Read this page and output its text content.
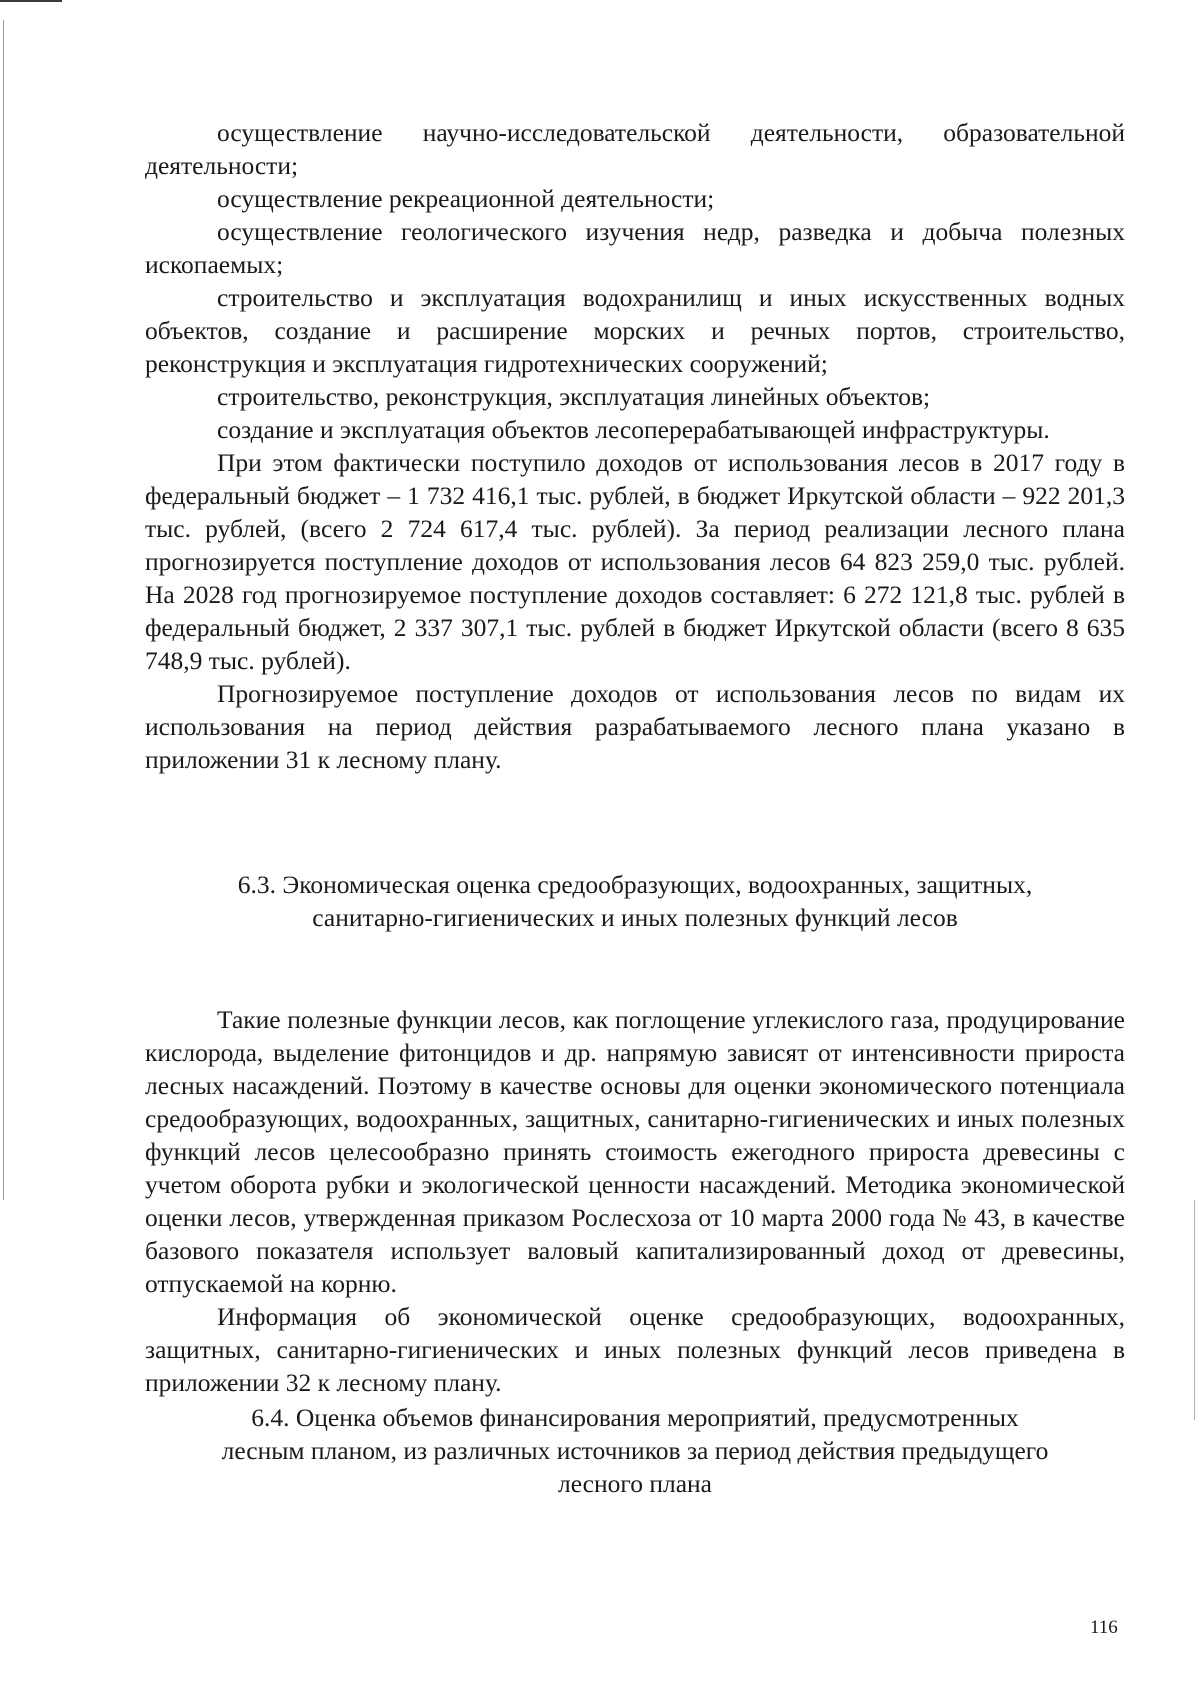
осуществление научно-исследовательской деятельности, образовательной деятельности;

осуществление рекреационной деятельности;

осуществление геологического изучения недр, разведка и добыча полезных ископаемых;

строительство и эксплуатация водохранилищ и иных искусственных водных объектов, создание и расширение морских и речных портов, строительство, реконструкция и эксплуатация гидротехнических сооружений;

строительство, реконструкция, эксплуатация линейных объектов;

создание и эксплуатация объектов лесоперерабатывающей инфраструктуры.

При этом фактически поступило доходов от использования лесов в 2017 году в федеральный бюджет – 1 732 416,1 тыс. рублей, в бюджет Иркутской области – 922 201,3 тыс. рублей, (всего 2 724 617,4 тыс. рублей). За период реализации лесного плана прогнозируется поступление доходов от использования лесов 64 823 259,0 тыс. рублей. На 2028 год прогнозируемое поступление доходов составляет: 6 272 121,8 тыс. рублей в федеральный бюджет, 2 337 307,1 тыс. рублей в бюджет Иркутской области (всего 8 635 748,9 тыс. рублей).

Прогнозируемое поступление доходов от использования лесов по видам их использования на период действия разрабатываемого лесного плана указано в приложении 31 к лесному плану.

6.3. Экономическая оценка средообразующих, водоохранных, защитных,

санитарно-гигиенических и иных полезных функций лесов

Такие полезные функции лесов, как поглощение углекислого газа, продуцирование кислорода, выделение фитонцидов и др. напрямую зависят от интенсивности прироста лесных насаждений. Поэтому в качестве основы для оценки экономического потенциала средообразующих, водоохранных, защитных, санитарно-гигиенических и иных полезных функций лесов целесообразно принять стоимость ежегодного прироста древесины с учетом оборота рубки и экологической ценности насаждений. Методика экономической оценки лесов, утвержденная приказом Рослесхоза от 10 марта 2000 года № 43, в качестве базового показателя использует валовый капитализированный доход от древесины, отпускаемой на корню.

Информация об экономической оценке средообразующих, водоохранных, защитных, санитарно-гигиенических и иных полезных функций лесов приведена в приложении 32 к лесному плану.

6.4. Оценка объемов финансирования мероприятий, предусмотренных

лесным планом, из различных источников за период действия предыдущего

лесного плана

116
